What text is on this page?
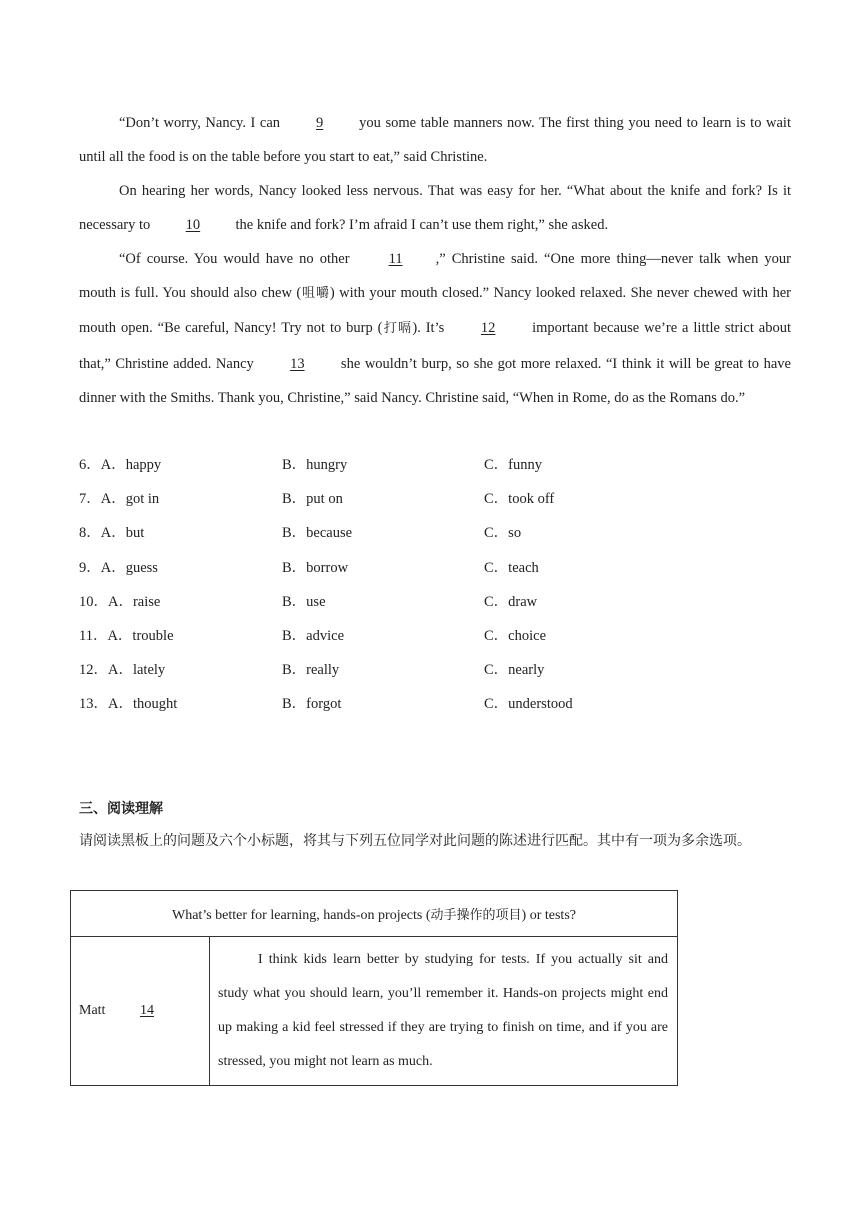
“Don’t worry, Nancy. I can 9 you some table manners now. The first thing you need to learn is to wait until all the food is on the table before you start to eat,” said Christine.
On hearing her words, Nancy looked less nervous. That was easy for her. “What about the knife and fork? Is it necessary to 10 the knife and fork? I’m afraid I can’t use them right,” she asked.
“Of course. You would have no other 11 ,” Christine said. “One more thing—never talk when your mouth is full. You should also chew (咀嚼) with your mouth closed.” Nancy looked relaxed. She never chewed with her mouth open. “Be careful, Nancy! Try not to burp (打嗝). It’s 12 important because we’re a little strict about that,” Christine added. Nancy 13 she wouldn’t burp, so she got more relaxed. “I think it will be great to have dinner with the Smiths. Thank you, Christine,” said Nancy. Christine said, “When in Rome, do as the Romans do.”
6．A．happy	B．hungry	C．funny
7．A．got in	B．put on	C．took off
8．A．but	B．because	C．so
9．A．guess	B．borrow	C．teach
10．A．raise	B．use	C．draw
11．A．trouble	B．advice	C．choice
12．A．lately	B．really	C．nearly
13．A．thought	B．forgot	C．understood
三、阅读理解
请阅读黑板上的问题及六个小标题，将其与下列五位同学对此问题的陈述进行匹配。其中有一项为多余选项。
What’s better for learning, hands-on projects (动手操作的项目) or tests?
Matt 14	I think kids learn better by studying for tests. If you actually sit and study what you should learn, you’ll remember it. Hands-on projects might end up making a kid feel stressed if they are trying to finish on time, and if you are stressed, you might not learn as much.
